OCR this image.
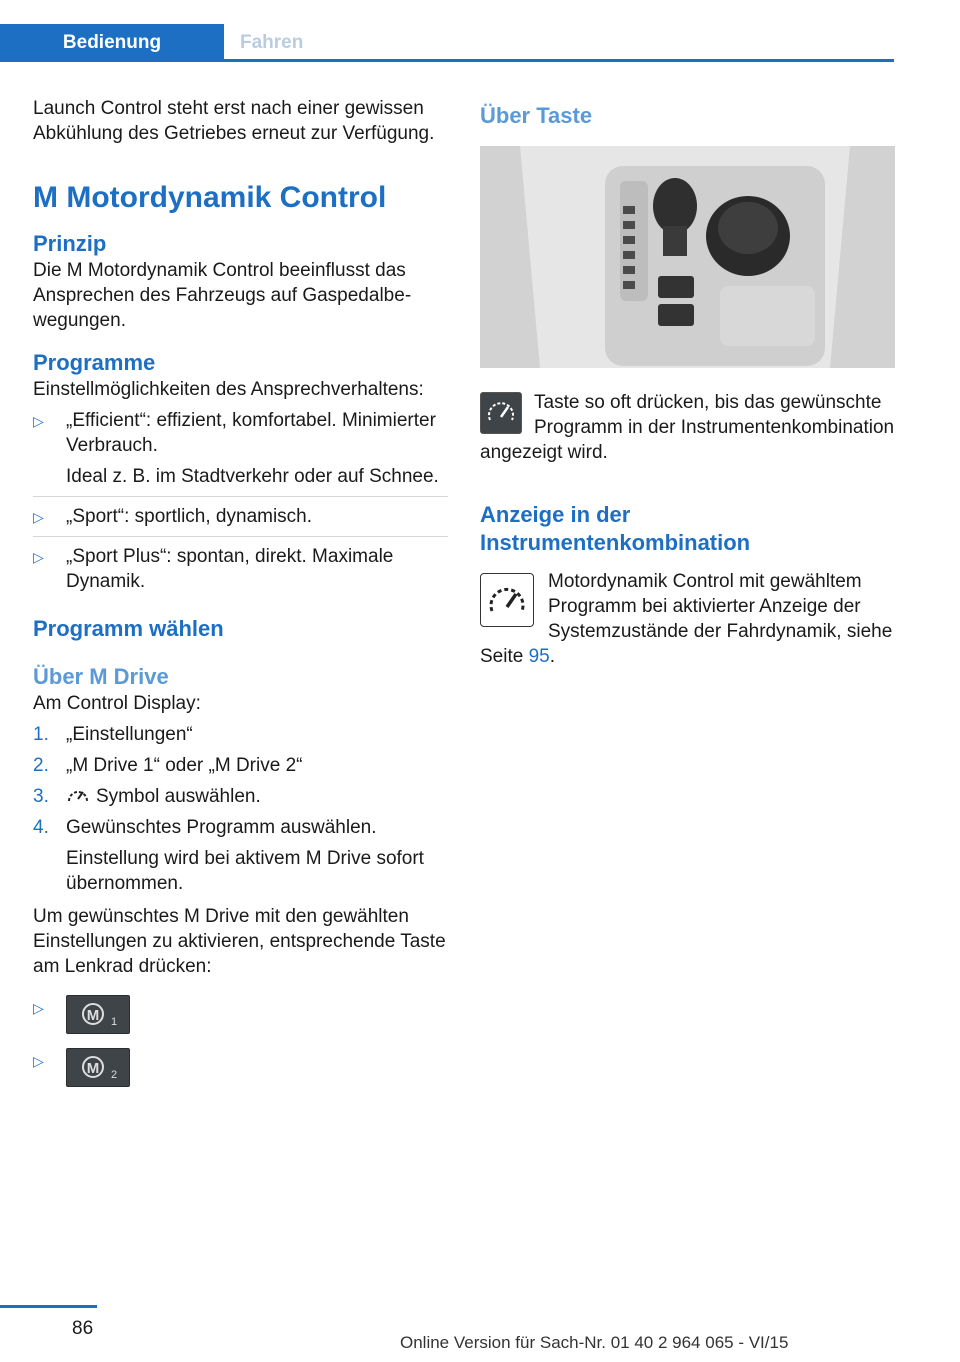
Bedienung	Fahren

Launch Control steht erst nach einer gewissen Abkühlung des Getriebes erneut zur Verfügung.

M Motordynamik Control
Prinzip

Die M Motordynamik Control beeinflusst das Ansprechen des Fahrzeugs auf Gaspedalbewegungen.

Programme

Einstellmöglichkeiten des Ansprechverhaltens:

▷ „Efficient“: effizient, komfortabel. Minimierter Verbrauch.
Ideal z. B. im Stadtverkehr oder auf Schnee.
▷ „Sport“: sportlich, dynamisch.
▷ „Sport Plus“: spontan, direkt. Maximale Dynamik.
Programm wählen
Über M Drive

Am Control Display:

1. „Einstellungen“
2. „M Drive 1“ oder „M Drive 2“
3. Symbol auswählen.
4. Gewünschtes Programm auswählen.
Einstellung wird bei aktivem M Drive sofort übernommen.

Um gewünschtes M Drive mit den gewählten Einstellungen zu aktivieren, entsprechende Taste am Lenkrad drücken:

▷	M 1
▷	M 2
Über Taste

Taste so oft drücken, bis das gewünschte Programm in der Instrumentenkombination angezeigt wird.

Anzeige in der Instrumentenkombination

Motordynamik Control mit gewähltem Programm bei aktivierter Anzeige der Systemzustände der Fahrdynamik, siehe Seite 95.

86
Online Version für Sach-Nr. 01 40 2 964 065 - VI/15
